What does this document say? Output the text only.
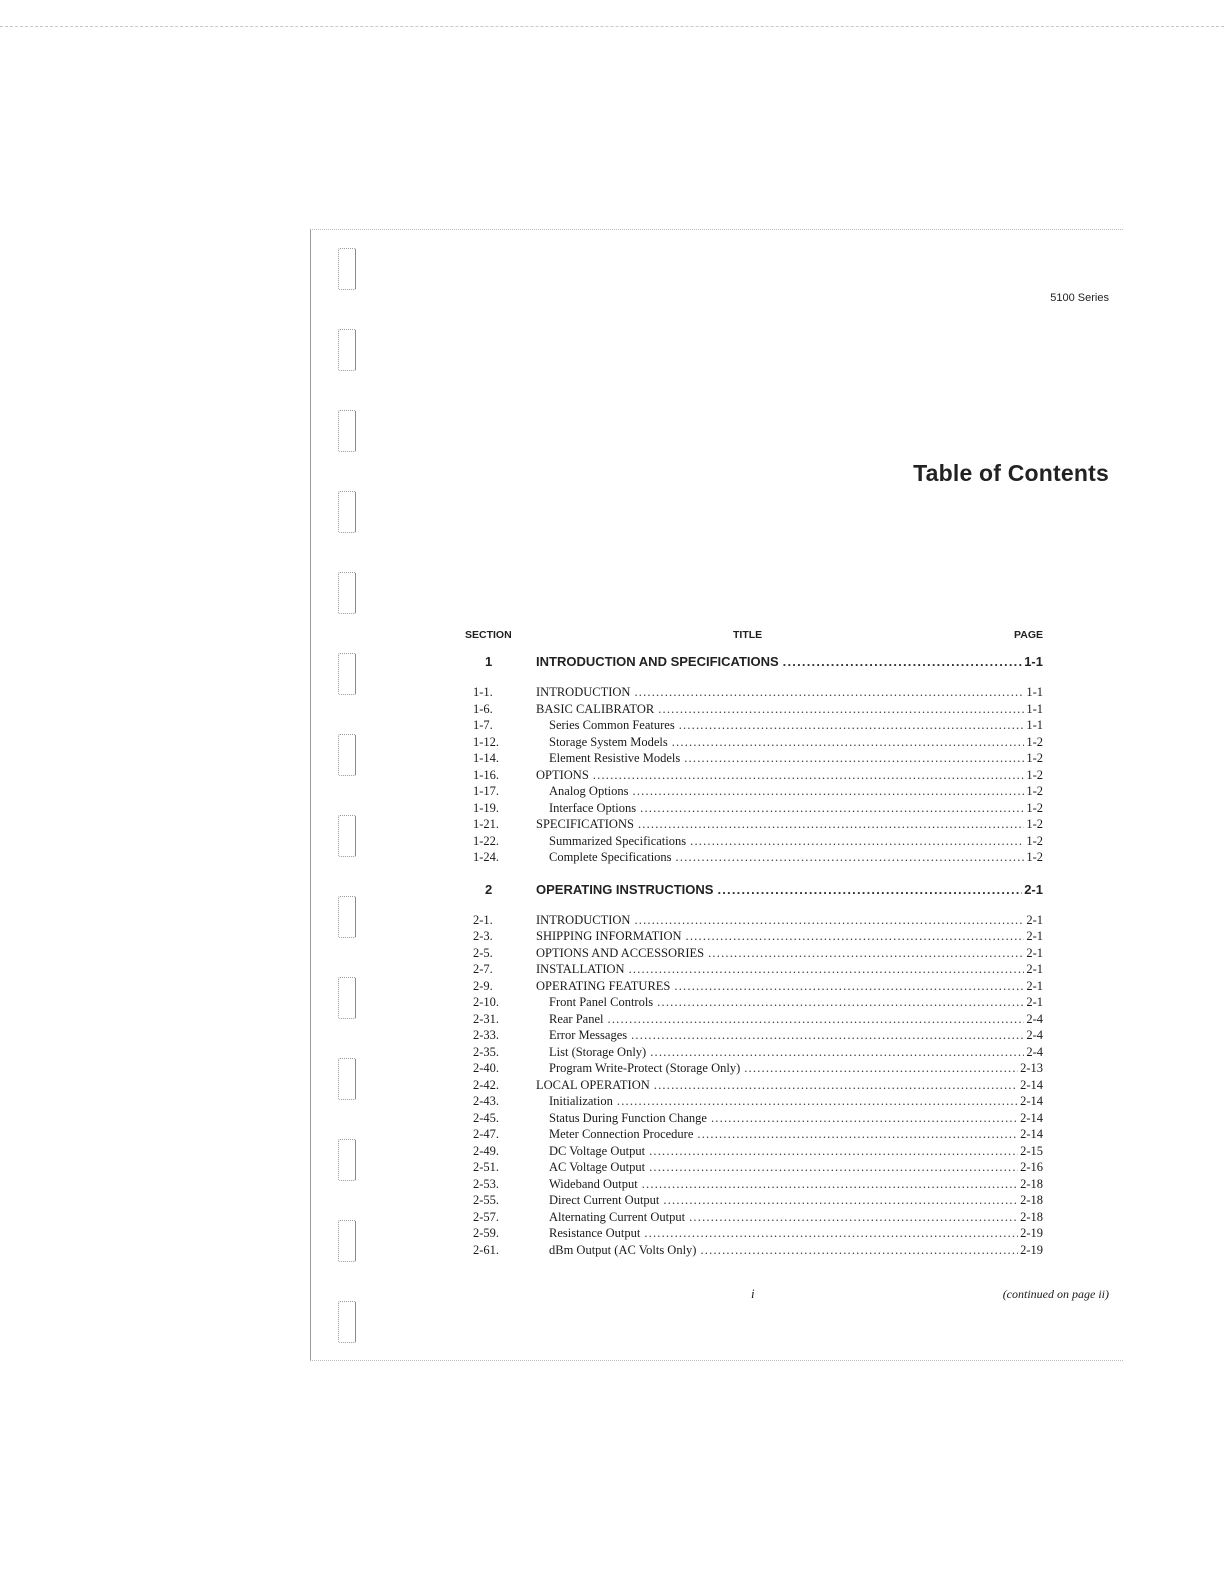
5100 Series
Table of Contents
SECTION	TITLE	PAGE
1	INTRODUCTION AND SPECIFICATIONS .....	1-1
1-1.	INTRODUCTION .....	1-1
1-6.	BASIC CALIBRATOR .....	1-1
1-7.	Series Common Features .....	1-1
1-12.	Storage System Models .....	1-2
1-14.	Element Resistive Models .....	1-2
1-16.	OPTIONS .....	1-2
1-17.	Analog Options .....	1-2
1-19.	Interface Options .....	1-2
1-21.	SPECIFICATIONS .....	1-2
1-22.	Summarized Specifications .....	1-2
1-24.	Complete Specifications .....	1-2
2	OPERATING INSTRUCTIONS .....	2-1
2-1.	INTRODUCTION .....	2-1
2-3.	SHIPPING INFORMATION .....	2-1
2-5.	OPTIONS AND ACCESSORIES .....	2-1
2-7.	INSTALLATION .....	2-1
2-9.	OPERATING FEATURES .....	2-1
2-10.	Front Panel Controls .....	2-1
2-31.	Rear Panel .....	2-4
2-33.	Error Messages .....	2-4
2-35.	List (Storage Only) .....	2-4
2-40.	Program Write-Protect (Storage Only) .....	2-13
2-42.	LOCAL OPERATION .....	2-14
2-43.	Initialization .....	2-14
2-45.	Status During Function Change .....	2-14
2-47.	Meter Connection Procedure .....	2-14
2-49.	DC Voltage Output .....	2-15
2-51.	AC Voltage Output .....	2-16
2-53.	Wideband Output .....	2-18
2-55.	Direct Current Output .....	2-18
2-57.	Alternating Current Output .....	2-18
2-59.	Resistance Output .....	2-19
2-61.	dBm Output (AC Volts Only) .....	2-19
i	(continued on page ii)
